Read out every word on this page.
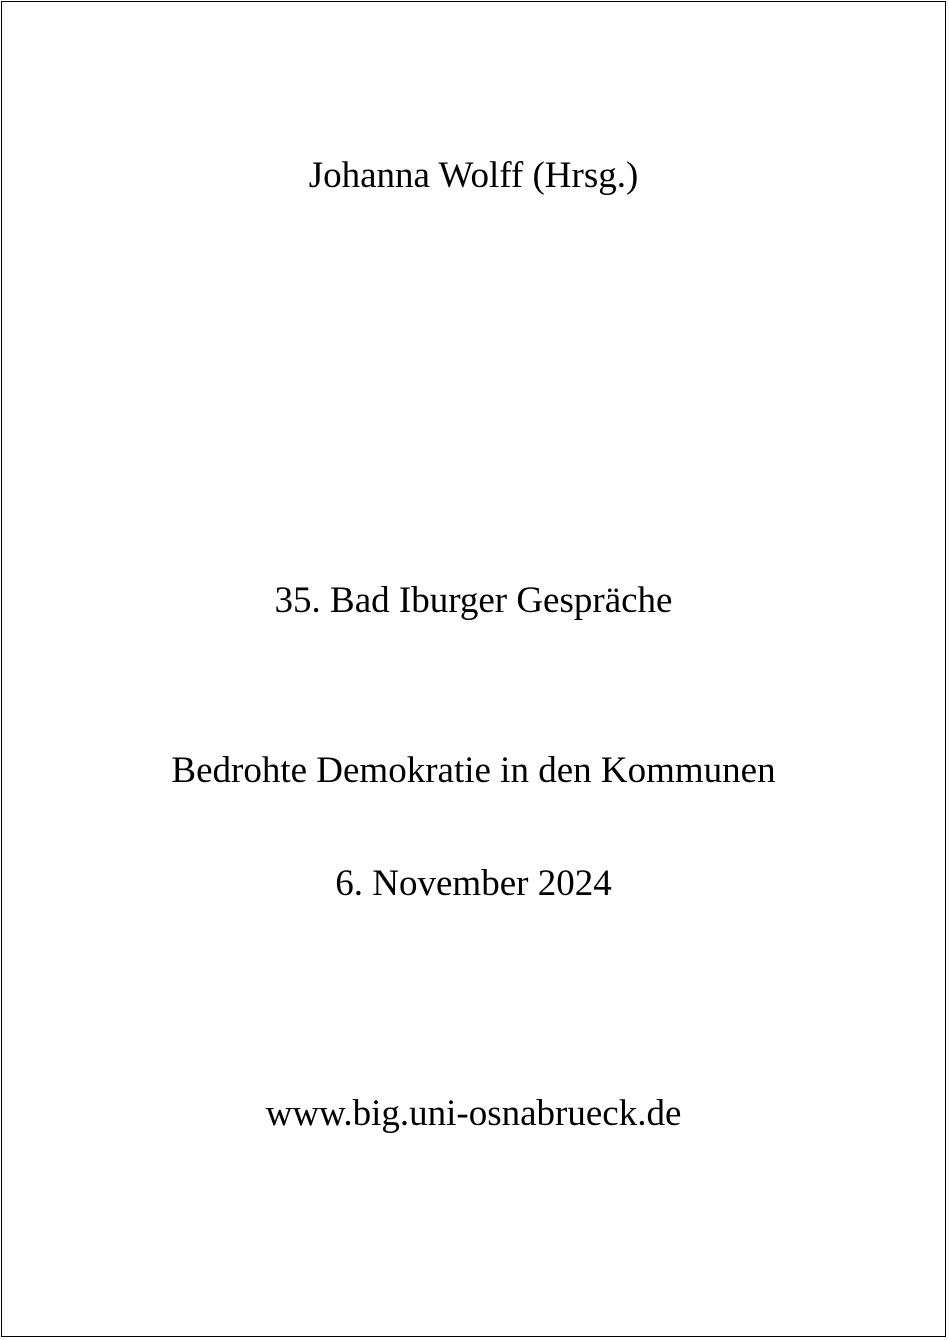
Johanna Wolff (Hrsg.)
35. Bad Iburger Gespräche
Bedrohte Demokratie in den Kommunen
6. November 2024
www.big.uni-osnabrueck.de
